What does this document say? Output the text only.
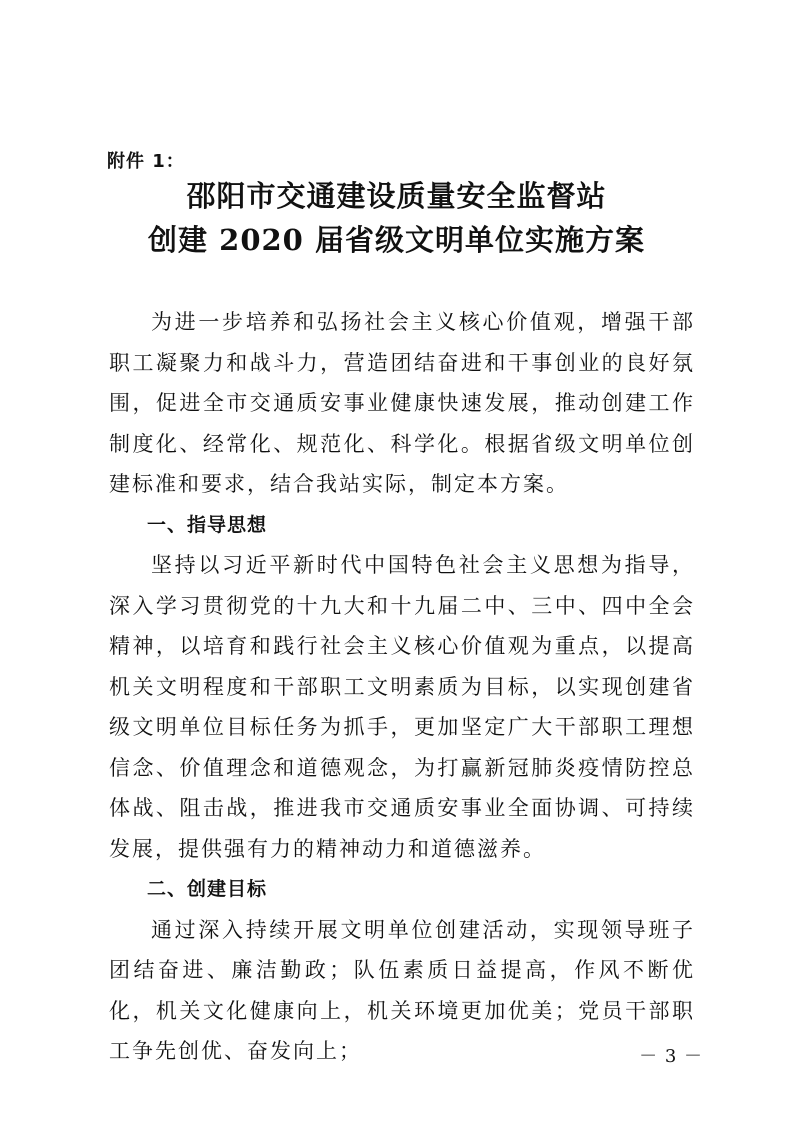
附件 1：
邵阳市交通建设质量安全监督站
创建 2020 届省级文明单位实施方案

为进一步培养和弘扬社会主义核心价值观，增强干部职工凝聚力和战斗力，营造团结奋进和干事创业的良好氛围，促进全市交通质安事业健康快速发展，推动创建工作制度化、经常化、规范化、科学化。根据省级文明单位创建标准和要求，结合我站实际，制定本方案。

一、指导思想

坚持以习近平新时代中国特色社会主义思想为指导，深入学习贯彻党的十九大和十九届二中、三中、四中全会精神，以培育和践行社会主义核心价值观为重点，以提高机关文明程度和干部职工文明素质为目标，以实现创建省级文明单位目标任务为抓手，更加坚定广大干部职工理想信念、价值理念和道德观念，为打赢新冠肺炎疫情防控总体战、阻击战，推进我市交通质安事业全面协调、可持续发展，提供强有力的精神动力和道德滋养。

二、创建目标

通过深入持续开展文明单位创建活动，实现领导班子团结奋进、廉洁勤政；队伍素质日益提高，作风不断优化，机关文化健康向上，机关环境更加优美；党员干部职工争先创优、奋发向上；	－ 3 －
